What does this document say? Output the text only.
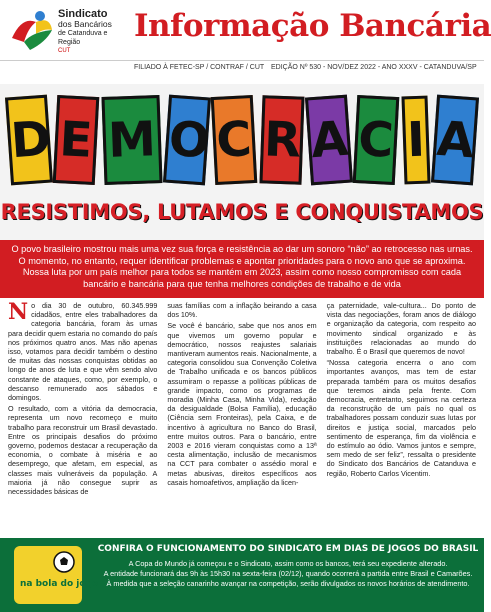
Sindicato
dos Bancários
de Catanduva e Região
CUT
Informação Bancária
FILIADO À FETEC-SP / CONTRAF / CUT EDIÇÃO Nº 530 - NOV/DEZ 2022 - ANO XXXV - CATANDUVA/SP
D E M O C R A C I A
RESISTIMOS, LUTAMOS E CONQUISTAMOS

O povo brasileiro mostrou mais uma vez sua força e resistência ao dar um sonoro “não” ao retrocesso nas urnas. O momento, no entanto, requer identificar problemas e apontar prioridades para o novo ano que se aproxima. Nossa luta por um país melhor para todos se mantém em 2023, assim como nosso compromisso com cada bancário e bancária para que tenha melhores condições de trabalho e de vida

No dia 30 de outubro, 60.345.999 cidadãos, entre eles trabalhadores da categoria bancária, foram às urnas para decidir quem estaria no comando do país nos próximos quatro anos. Mas não apenas isso, votamos para decidir também o destino de muitas das nossas conquistas obtidas ao longo de anos de luta e que vêm sendo alvo constante de ataques, como, por exemplo, o descanso remunerado aos sábados e domingos.

O resultado, com a vitória da democracia, representa um novo recomeço e muito trabalho para reconstruir um Brasil devastado. Entre os principais desafios do próximo governo, podemos destacar a recuperação da economia, o combate à miséria e ao desemprego, que afetam, em especial, as classes mais vulneráveis da população. A maioria já não consegue suprir as necessidades básicas de

suas famílias com a inflação beirando a casa dos 10%.

Se você é bancário, sabe que nos anos em que vivemos um governo popular e democrático, nossos reajustes salariais mantiveram aumentos reais. Nacionalmente, a categoria consolidou sua Convenção Coletiva de Trabalho unificada e os bancos públicos assumiram o repasse a políticas públicas de grande impacto, como os programas de moradia (Minha Casa, Minha Vida), redução da desigualdade (Bolsa Família), educação (Ciência sem Fronteiras), pela Caixa, e de incentivo à agricultura no Banco do Brasil, entre muitos outros. Para o bancário, entre 2003 e 2016 vieram conquistas como a 13ª cesta alimentação, inclusão de mecanismos na CCT para combater o assédio moral e metas abusivas, direitos específicos aos casais homoafetivos, ampliação da licen-

ça paternidade, vale-cultura... Do ponto de vista das negociações, foram anos de diálogo e organização da categoria, com respeito ao movimento sindical organizado e às instituições relacionadas ao mundo do trabalho. É o Brasil que queremos de novo!

“Nossa categoria encerra o ano com importantes avanços, mas tem de estar preparada também para os muitos desafios que teremos ainda pela frente. Com democracia, entretanto, seguimos na certeza da reconstrução de um país no qual os trabalhadores possam conduzir suas lutas por direitos e justiça social, marcados pelo sentimento de esperança, fim da violência e do estímulo ao ódio. Vamos juntos e sempre, sem medo de ser feliz”, ressalta o presidente do Sindicato dos Bancários de Catanduva e região, Roberto Carlos Vicentim.

na bola do jogo
CONFIRA O FUNCIONAMENTO DO SINDICATO EM DIAS DE JOGOS DO BRASIL
A Copa do Mundo já começou e o Sindicato, assim como os bancos, terá seu expediente alterado.
A entidade funcionará das 9h às 15h30 na sexta-feira (02/12), quando ocorrerá a partida entre Brasil e Camarões.
À medida que a seleção canarinho avançar na competição, serão divulgados os novos horários de atendimento.
